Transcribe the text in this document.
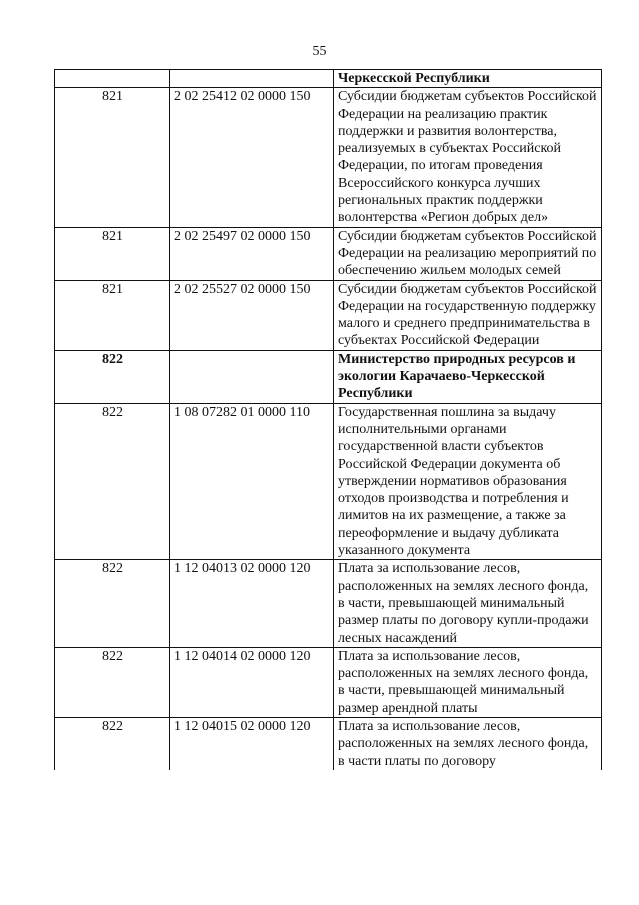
55
		Черкесской Республики
821	2 02 25412 02 0000 150	Субсидии бюджетам субъектов Российской Федерации на реализацию практик поддержки и развития волонтерства, реализуемых в субъектах Российской Федерации, по итогам проведения Всероссийского конкурса лучших региональных практик поддержки волонтерства «Регион добрых дел»
821	2 02 25497 02 0000 150	Субсидии бюджетам субъектов Российской Федерации на реализацию мероприятий по обеспечению жильем молодых семей
821	2 02 25527 02 0000 150	Субсидии бюджетам субъектов Российской Федерации на государственную поддержку малого и среднего предпринимательства в субъектах Российской Федерации
822		Министерство природных ресурсов и экологии Карачаево-Черкесской Республики
822	1 08 07282 01 0000 110	Государственная пошлина за выдачу исполнительными органами государственной власти субъектов Российской Федерации документа об утверждении нормативов образования отходов производства и потребления и лимитов на их размещение, а также за переоформление и выдачу дубликата указанного документа
822	1 12 04013 02 0000 120	Плата за использование лесов, расположенных на землях лесного фонда, в части, превышающей минимальный размер платы по договору купли-продажи лесных насаждений
822	1 12 04014 02 0000 120	Плата за использование лесов, расположенных на землях лесного фонда, в части, превышающей минимальный размер арендной платы
822	1 12 04015 02 0000 120	Плата за использование лесов, расположенных на землях лесного фонда, в части платы по договору
